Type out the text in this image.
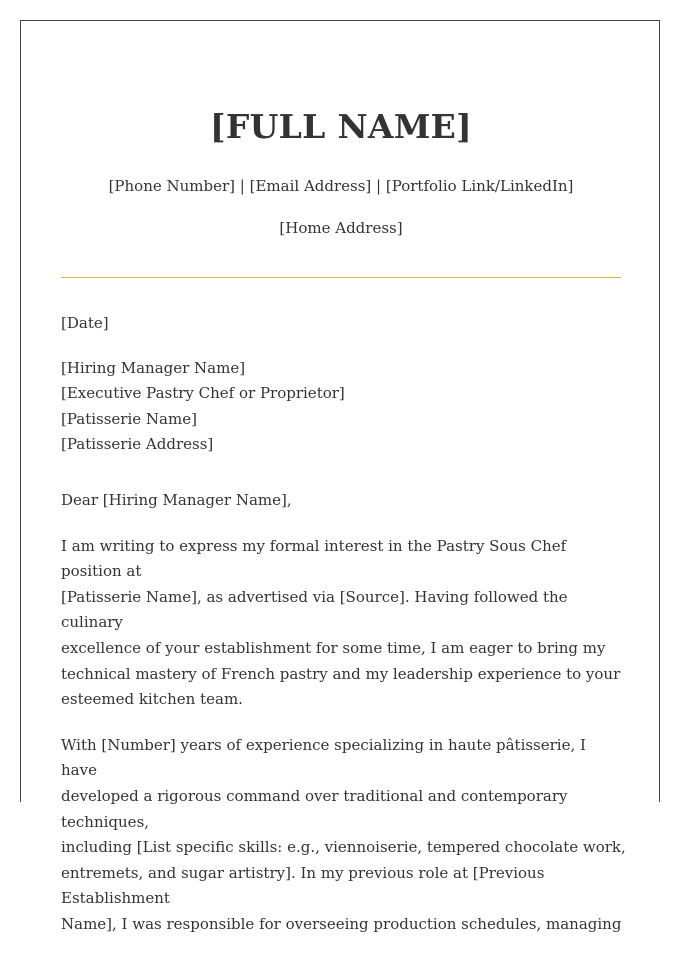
[FULL NAME]
[Phone Number] | [Email Address] | [Portfolio Link/LinkedIn]
[Home Address]

[Date]

[Hiring Manager Name]
[Executive Pastry Chef or Proprietor]
[Patisserie Name]
[Patisserie Address]

Dear [Hiring Manager Name],

I am writing to express my formal interest in the Pastry Sous Chef position at
[Patisserie Name], as advertised via [Source]. Having followed the culinary
excellence of your establishment for some time, I am eager to bring my
technical mastery of French pastry and my leadership experience to your
esteemed kitchen team.

With [Number] years of experience specializing in haute pâtisserie, I have
developed a rigorous command over traditional and contemporary techniques,
including [List specific skills: e.g., viennoiserie, tempered chocolate work,
entremets, and sugar artistry]. In my previous role at [Previous Establishment
Name], I was responsible for overseeing production schedules, managing
